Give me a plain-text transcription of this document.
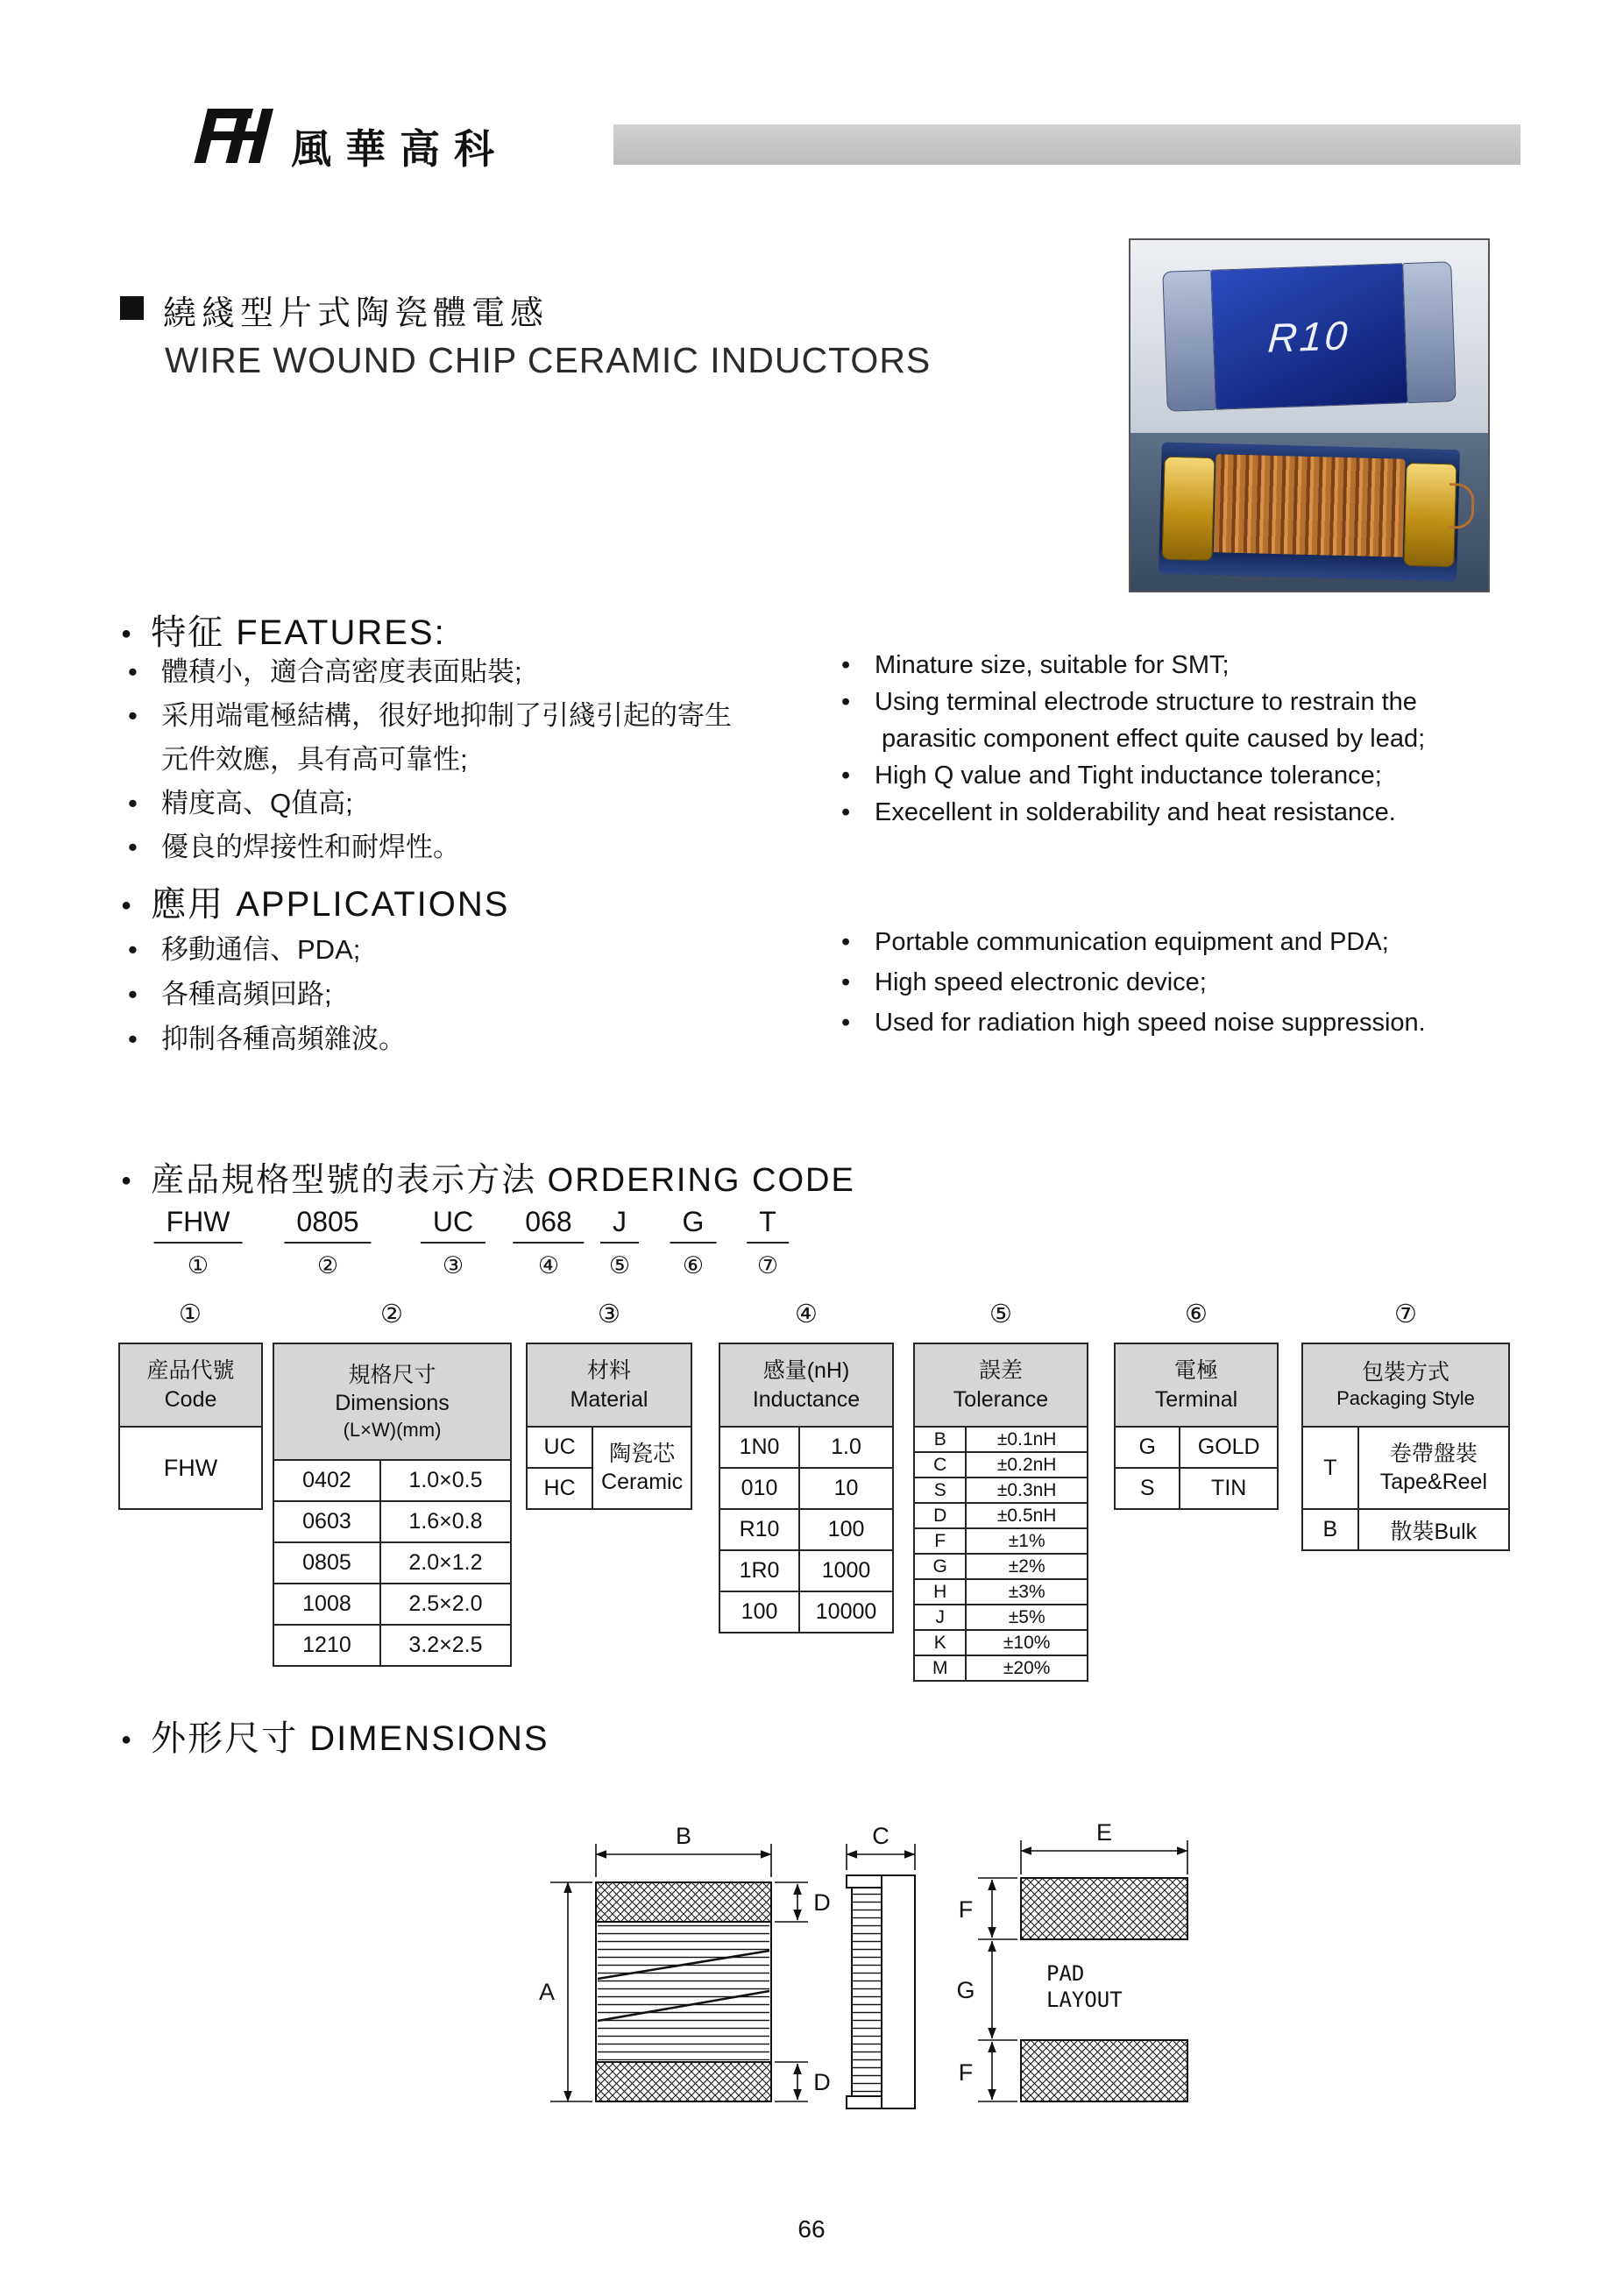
風華高科
繞綫型片式陶瓷體電感
WIRE WOUND CHIP CERAMIC INDUCTORS	R10
● 特征 FEATURES:
•
體積小，適合高密度表面貼裝;
•
采用端電極結構，很好地抑制了引綫引起的寄生
元件效應，具有高可靠性;
•
精度高、Q值高;
•
優良的焊接性和耐焊性。
•
Minature size, suitable for SMT;
•
Using terminal electrode structure to restrain the
parasitic component effect quite caused by lead;
•
High Q value and Tight inductance tolerance;
•
Execellent in solderability and heat resistance.
● 應用 APPLICATIONS
•
移動通信、PDA;
•
各種高頻回路;
•
抑制各種高頻雜波。
•
Portable communication equipment and PDA;
•
High speed electronic device;
•
Used for radiation high speed noise suppression.
● 産品規格型號的表示方法 ORDERING CODE
FHW
①
0805
②
UC
③
068
④
J
⑤
G
⑥
T
⑦
①	②	③	④	⑤	⑥	⑦
産品代號
Code

FHW
規格尺寸
Dimensions
(L×W)(mm)	

0402	1.0×0.5
0603	1.6×0.8
0805	2.0×1.2
1008	2.5×2.0
1210	3.2×2.5
材料
Material

UC	陶瓷芯
Ceramic

HC
感量(nH)
Inductance	

1N0	1.0
010	10
R10	100
1R0	1000
100	10000
誤差
Tolerance	

B	±0.1nH
C	±0.2nH
S	±0.3nH
D	±0.5nH
F	±1%
G	±2%
H	±3%
J	±5%
K	±10%
M	±20%
電極
Terminal	

G	GOLD
S	TIN
包裝方式
Packaging Style	

T	卷帶盤裝
Tape&Reel

B	散裝Bulk
● 外形尺寸 DIMENSIONS
B
A
D
D
C	E
F
G
F
PAD
LAYOUT
66
